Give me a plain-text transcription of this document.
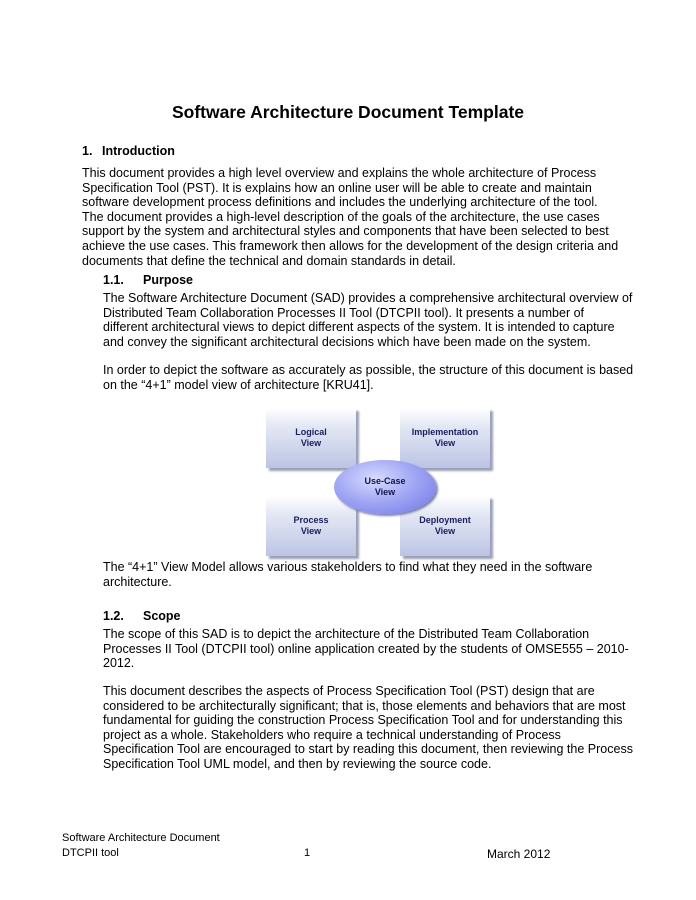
Software Architecture Document Template
1. Introduction
This document provides a high level overview and explains the whole architecture of Process
Specification Tool (PST). It is explains how an online user will be able to create and maintain
software development process definitions and includes the underlying architecture of the tool.
The document provides a high-level description of the goals of the architecture, the use cases
support by the system and architectural styles and components that have been selected to best
achieve the use cases. This framework then allows for the development of the design criteria and
documents that define the technical and domain standards in detail.
1.1. Purpose
The Software Architecture Document (SAD) provides a comprehensive architectural overview of
Distributed Team Collaboration Processes II Tool (DTCPII tool). It presents a number of
different architectural views to depict different aspects of the system. It is intended to capture
and convey the significant architectural decisions which have been made on the system.
In order to depict the software as accurately as possible, the structure of this document is based
on the “4+1” model view of architecture [KRU41].
Logical
View
Implementation
View
Process
View
Deployment
View
Use-Case
View
The “4+1” View Model allows various stakeholders to find what they need in the software
architecture.
1.2. Scope
The scope of this SAD is to depict the architecture of the Distributed Team Collaboration
Processes II Tool (DTCPII tool) online application created by the students of OMSE555 – 2010-
2012.
This document describes the aspects of Process Specification Tool (PST) design that are
considered to be architecturally significant; that is, those elements and behaviors that are most
fundamental for guiding the construction Process Specification Tool and for understanding this
project as a whole. Stakeholders who require a technical understanding of Process
Specification Tool are encouraged to start by reading this document, then reviewing the Process
Specification Tool UML model, and then by reviewing the source code.
Software Architecture Document
DTCPII tool	1	March 2012
